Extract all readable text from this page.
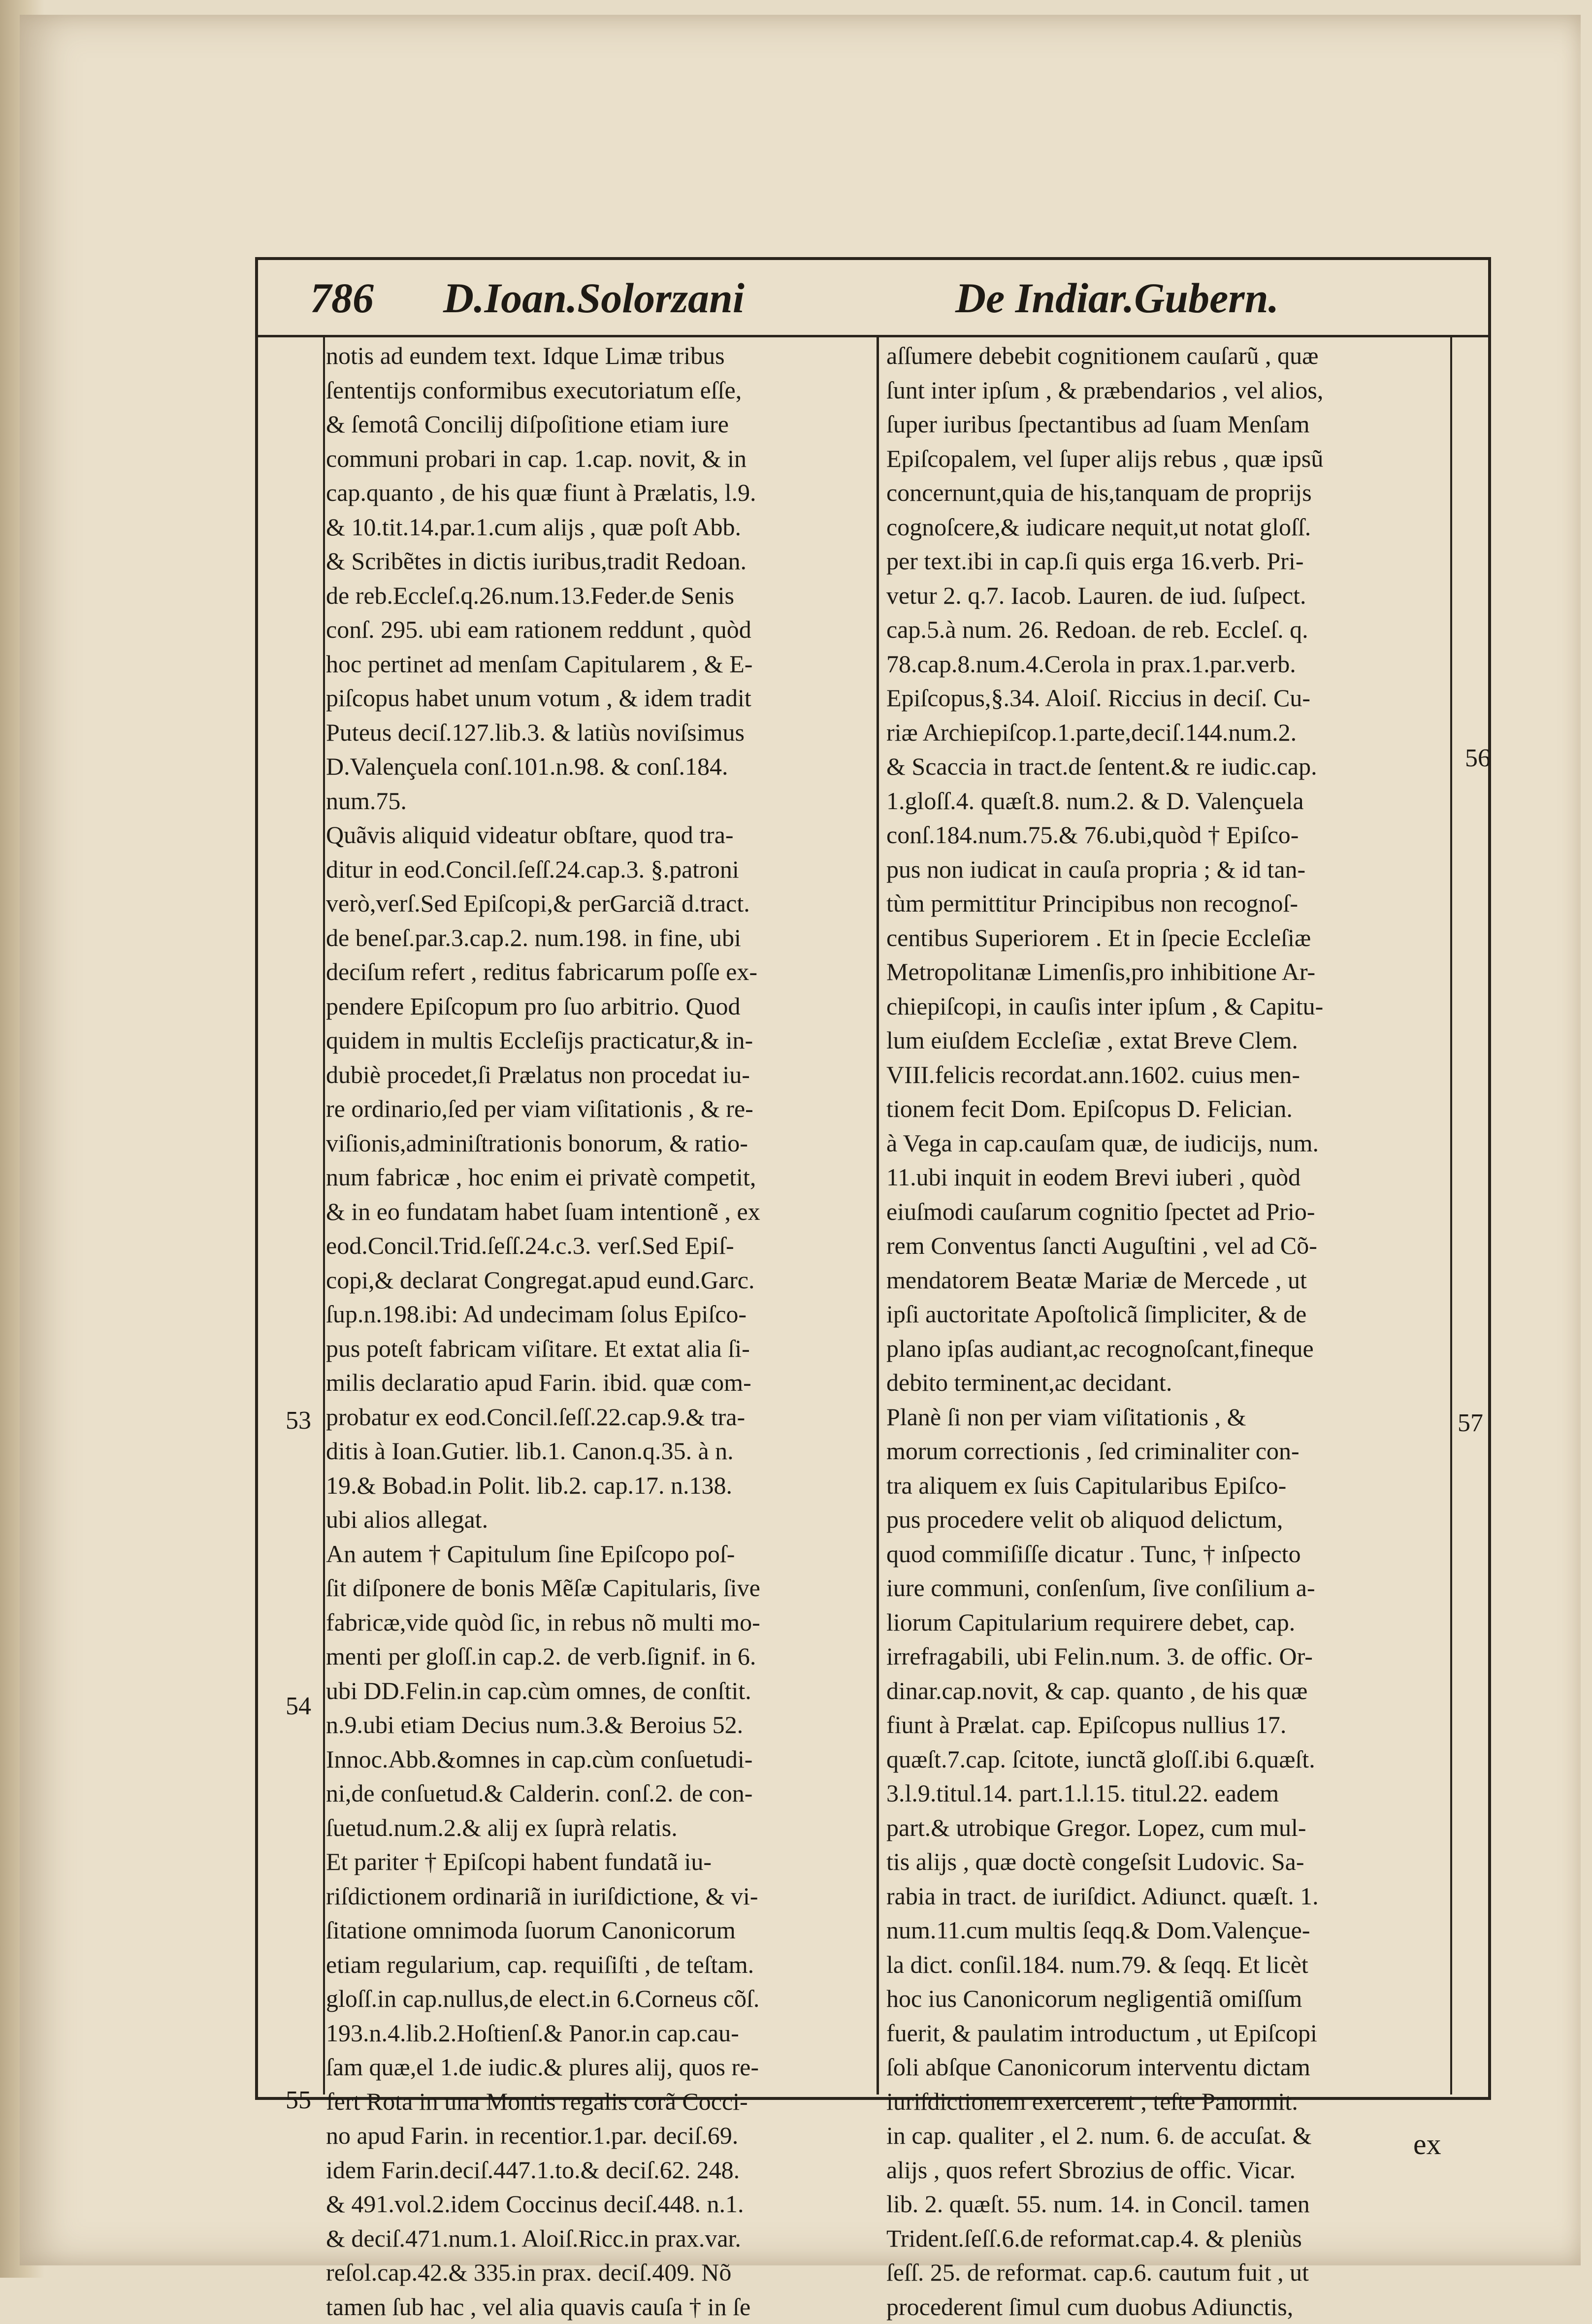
786	D.Ioan.Solorzani	De Indiar.Gubern.
notis ad eundem text. Idque Limæ tribus
ſententijs conformibus executoriatum eſſe,
& ſemotâ Concilij diſpoſitione etiam iure
communi probari in cap. 1.cap. novit, & in
cap.quanto , de his quæ fiunt à Prælatis, l.9.
& 10.tit.14.par.1.cum alijs , quæ poſt Abb.
& Scribẽtes in dictis iuribus,tradit Redoan.
de reb.Eccleſ.q.26.num.13.Feder.de Senis
conſ. 295. ubi eam rationem reddunt , quòd
hoc pertinet ad menſam Capitularem , & E-
piſcopus habet unum votum , & idem tradit
Puteus deciſ.127.lib.3. & latiùs noviſsimus
D.Valençuela conſ.101.n.98. & conſ.184.
num.75.
Quãvis aliquid videatur obſtare, quod tra-
ditur in eod.Concil.ſeſſ.24.cap.3. §.patroni
verò,verſ.Sed Epiſcopi,& perGarciã d.tract.
de beneſ.par.3.cap.2. num.198. in fine, ubi
deciſum refert , reditus fabricarum poſſe ex-
pendere Epiſcopum pro ſuo arbitrio. Quod
quidem in multis Eccleſijs practicatur,& in-
dubiè procedet,ſi Prælatus non procedat iu-
re ordinario,ſed per viam viſitationis , & re-
viſionis,adminiſtrationis bonorum, & ratio-
num fabricæ , hoc enim ei privatè competit,
& in eo fundatam habet ſuam intentionẽ , ex
eod.Concil.Trid.ſeſſ.24.c.3. verſ.Sed Epiſ-
copi,& declarat Congregat.apud eund.Garc.
ſup.n.198.ibi: Ad undecimam ſolus Epiſco-
pus poteſt fabricam viſitare. Et extat alia ſi-
milis declaratio apud Farin. ibid. quæ com-
probatur ex eod.Concil.ſeſſ.22.cap.9.& tra-
ditis à Ioan.Gutier. lib.1. Canon.q.35. à n.
19.& Bobad.in Polit. lib.2. cap.17. n.138.
ubi alios allegat.
An autem † Capitulum ſine Epiſcopo poſ-
ſit diſponere de bonis Mẽſæ Capitularis, ſive
fabricæ,vide quòd ſic, in rebus nõ multi mo-
menti per gloſſ.in cap.2. de verb.ſignif. in 6.
ubi DD.Felin.in cap.cùm omnes, de conſtit.
n.9.ubi etiam Decius num.3.& Beroius 52.
Innoc.Abb.&omnes in cap.cùm conſuetudi-
ni,de conſuetud.& Calderin. conſ.2. de con-
ſuetud.num.2.& alij ex ſuprà relatis.
Et pariter † Epiſcopi habent fundatã iu-
riſdictionem ordinariã in iuriſdictione, & vi-
ſitatione omnimoda ſuorum Canonicorum
etiam regularium, cap. requiſiſti , de teſtam.
gloſſ.in cap.nullus,de elect.in 6.Corneus cõſ.
193.n.4.lib.2.Hoſtienſ.& Panor.in cap.cau-
ſam quæ,el 1.de iudic.& plures alij, quos re-
fert Rota in una Montis regalis corã Cocci-
no apud Farin. in recentior.1.par. deciſ.69.
idem Farin.deciſ.447.1.to.& deciſ.62. 248.
& 491.vol.2.idem Coccinus deciſ.448. n.1.
& deciſ.471.num.1. Aloiſ.Ricc.in prax.var.
reſol.cap.42.& 335.in prax. deciſ.409. Nõ
tamen ſub hac , vel alia quavis cauſa † in ſe
aſſumere debebit cognitionem cauſarũ , quæ
ſunt inter ipſum , & præbendarios , vel alios,
ſuper iuribus ſpectantibus ad ſuam Menſam
Epiſcopalem, vel ſuper alijs rebus , quæ ipsũ
concernunt,quia de his,tanquam de proprijs
cognoſcere,& iudicare nequit,ut notat gloſſ.
per text.ibi in cap.ſi quis erga 16.verb. Pri-
vetur 2. q.7. Iacob. Lauren. de iud. ſuſpect.
cap.5.à num. 26. Redoan. de reb. Eccleſ. q.
78.cap.8.num.4.Cerola in prax.1.par.verb.
Epiſcopus,§.34. Aloiſ. Riccius in deciſ. Cu-
riæ Archiepiſcop.1.parte,deciſ.144.num.2.
& Scaccia in tract.de ſentent.& re iudic.cap.
1.gloſſ.4. quæſt.8. num.2. & D. Valençuela
conſ.184.num.75.& 76.ubi,quòd † Epiſco-
pus non iudicat in cauſa propria ; & id tan-
tùm permittitur Principibus non recognoſ-
centibus Superiorem . Et in ſpecie Eccleſiæ
Metropolitanæ Limenſis,pro inhibitione Ar-
chiepiſcopi, in cauſis inter ipſum , & Capitu-
lum eiuſdem Eccleſiæ , extat Breve Clem.
VIII.felicis recordat.ann.1602. cuius men-
tionem fecit Dom. Epiſcopus D. Felician.
à Vega in cap.cauſam quæ, de iudicijs, num.
11.ubi inquit in eodem Brevi iuberi , quòd
eiuſmodi cauſarum cognitio ſpectet ad Prio-
rem Conventus ſancti Auguſtini , vel ad Cõ-
mendatorem Beatæ Mariæ de Mercede , ut
ipſi auctoritate Apoſtolicã ſimpliciter, & de
plano ipſas audiant,ac recognoſcant,fineque
debito terminent,ac decidant.
Planè ſi non per viam viſitationis , &
morum correctionis , ſed criminaliter con-
tra aliquem ex ſuis Capitularibus Epiſco-
pus procedere velit ob aliquod delictum,
quod commiſiſſe dicatur . Tunc, † inſpecto
iure communi, conſenſum, ſive conſilium a-
liorum Capitularium requirere debet, cap.
irrefragabili, ubi Felin.num. 3. de offic. Or-
dinar.cap.novit, & cap. quanto , de his quæ
fiunt à Prælat. cap. Epiſcopus nullius 17.
quæſt.7.cap. ſcitote, iunctã gloſſ.ibi 6.quæſt.
3.l.9.titul.14. part.1.l.15. titul.22. eadem
part.& utrobique Gregor. Lopez, cum mul-
tis alijs , quæ doctè congeſsit Ludovic. Sa-
rabia in tract. de iuriſdict. Adiunct. quæſt. 1.
num.11.cum multis ſeqq.& Dom.Valençue-
la dict. conſil.184. num.79. & ſeqq. Et licèt
hoc ius Canonicorum negligentiã omiſſum
fuerit, & paulatim introductum , ut Epiſcopi
ſoli abſque Canonicorum interventu dictam
iuriſdictionem exercerent , teſte Panormit.
in cap. qualiter , el 2. num. 6. de accuſat. &
alijs , quos refert Sbrozius de offic. Vicar.
lib. 2. quæſt. 55. num. 14. in Concil. tamen
Trident.ſeſſ.6.de reformat.cap.4. & pleniùs
ſeſſ. 25. de reformat. cap.6. cautum fuit , ut
procederent ſimul cum duobus Adiunctis,
53
54
55
56
57
ex
